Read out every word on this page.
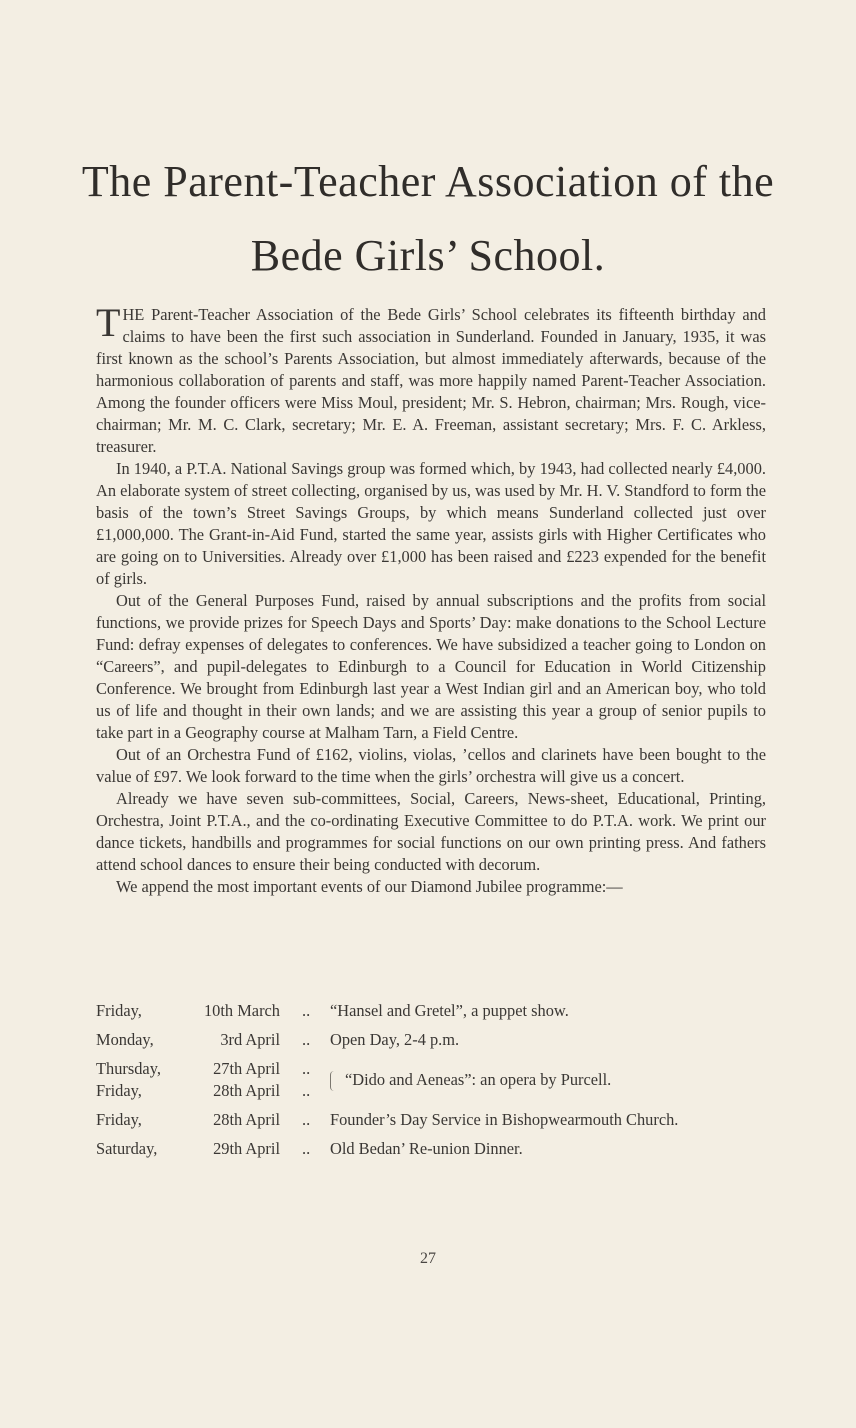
The Parent-Teacher Association of the
Bede Girls’ School.

THE Parent-Teacher Association of the Bede Girls’ School celebrates its fifteenth birthday and claims to have been the first such association in Sunderland. Founded in January, 1935, it was first known as the school’s Parents Association, but almost immediately afterwards, because of the harmonious collaboration of parents and staff, was more happily named Parent-Teacher Association. Among the founder officers were Miss Moul, president; Mr. S. Hebron, chairman; Mrs. Rough, vice-chairman; Mr. M. C. Clark, secretary; Mr. E. A. Freeman, assistant secretary; Mrs. F. C. Arkless, treasurer.

In 1940, a P.T.A. National Savings group was formed which, by 1943, had collected nearly £4,000. An elaborate system of street collecting, organised by us, was used by Mr. H. V. Standford to form the basis of the town’s Street Savings Groups, by which means Sunderland collected just over £1,000,000. The Grant-in-Aid Fund, started the same year, assists girls with Higher Certificates who are going on to Universities. Already over £1,000 has been raised and £223 expended for the benefit of girls.

Out of the General Purposes Fund, raised by annual subscriptions and the profits from social functions, we provide prizes for Speech Days and Sports’ Day: make donations to the School Lecture Fund: defray expenses of delegates to conferences. We have subsidized a teacher going to London on “Careers”, and pupil-delegates to Edinburgh to a Council for Education in World Citizenship Conference. We brought from Edinburgh last year a West Indian girl and an American boy, who told us of life and thought in their own lands; and we are assisting this year a group of senior pupils to take part in a Geography course at Malham Tarn, a Field Centre.

Out of an Orchestra Fund of £162, violins, violas, ’cellos and clarinets have been bought to the value of £97. We look forward to the time when the girls’ orchestra will give us a concert.

Already we have seven sub-committees, Social, Careers, News-sheet, Educational, Printing, Orchestra, Joint P.T.A., and the co-ordinating Executive Committee to do P.T.A. work. We print our dance tickets, handbills and programmes for social functions on our own printing press. And fathers attend school dances to ensure their being conducted with decorum.

We append the most important events of our Diamond Jubilee programme:—

Friday,	10th March	..	“Hansel and Gretel”, a puppet show.
Monday,	3rd April	..	Open Day, 2-4 p.m.
Thursday,	27th April	..
Friday,	28th April	..
“Dido and Aeneas”: an opera by Purcell.
Friday,	28th April	..	Founder’s Day Service in Bishopwearmouth Church.
Saturday,	29th April	..	Old Bedan’ Re-union Dinner.
27
